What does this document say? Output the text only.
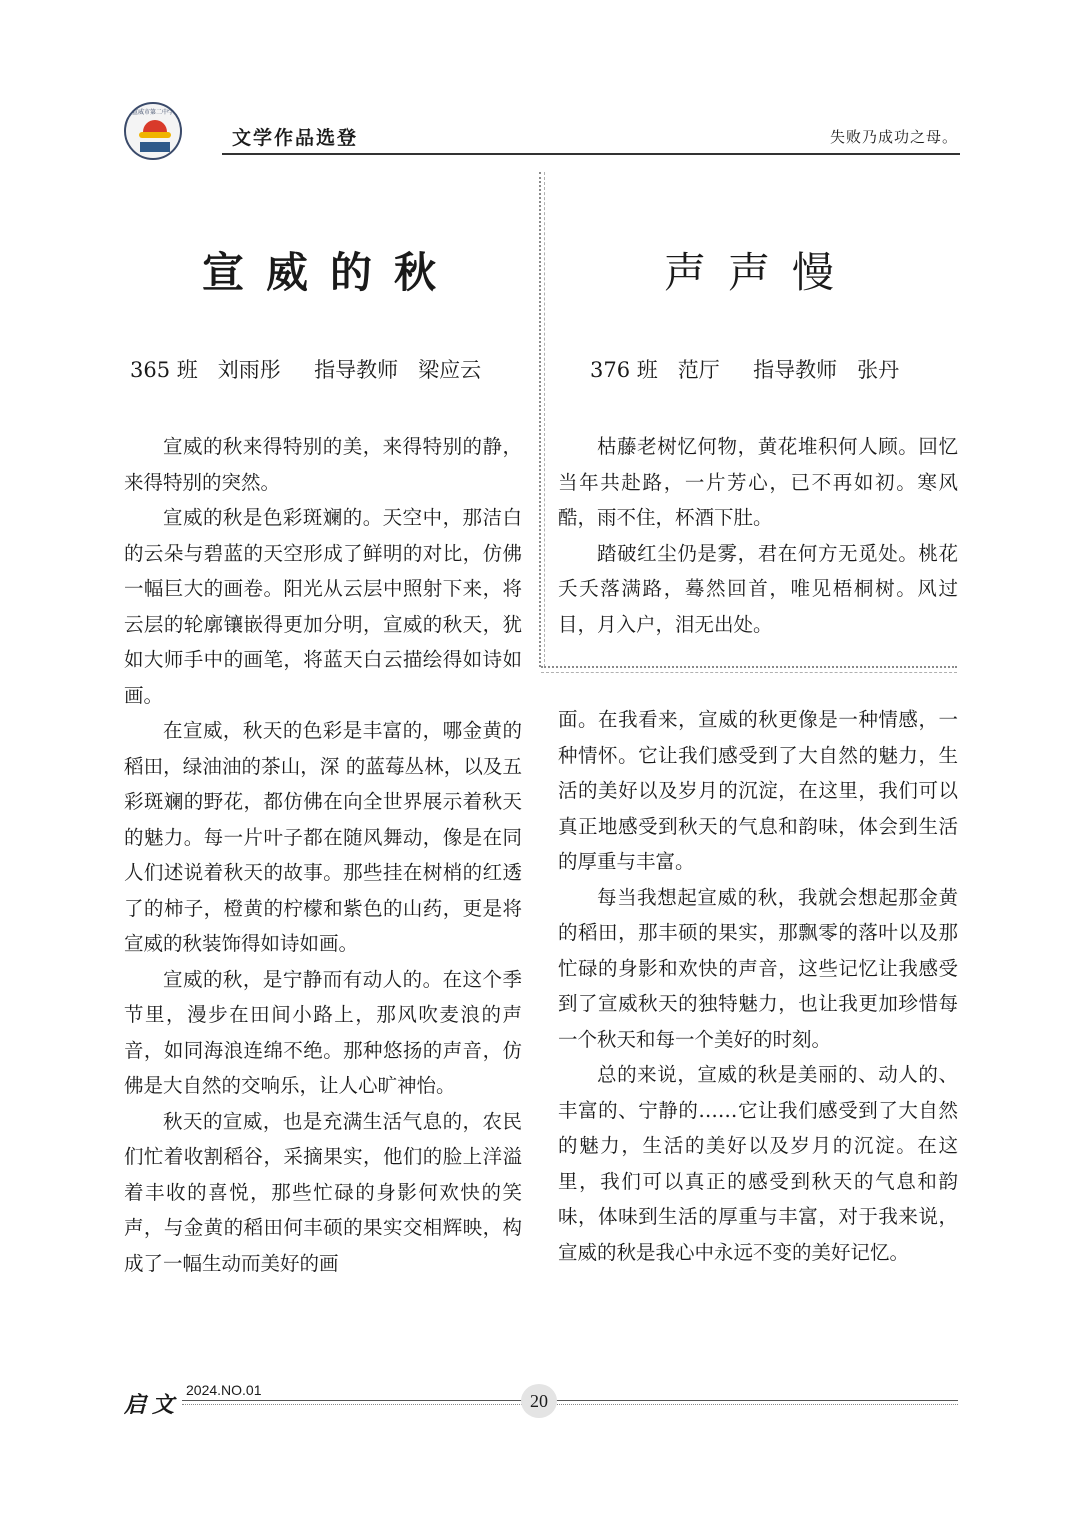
宣威市第二中学
文学作品选登	失败乃成功之母。
宣威的秋	声声慢
365 班   刘雨彤     指导教师   梁应云	376 班   范厅     指导教师   张丹

宣威的秋来得特别的美，来得特别的静，来得特别的突然。

宣威的秋是色彩斑斓的。天空中，那洁白的云朵与碧蓝的天空形成了鲜明的对比，仿佛一幅巨大的画卷。阳光从云层中照射下来，将云层的轮廓镶嵌得更加分明，宣威的秋天，犹如大师手中的画笔，将蓝天白云描绘得如诗如画。

在宣威，秋天的色彩是丰富的，哪金黄的稻田，绿油油的茶山，深 的蓝莓丛林，以及五彩斑斓的野花，都仿佛在向全世界展示着秋天的魅力。每一片叶子都在随风舞动，像是在同人们述说着秋天的故事。那些挂在树梢的红透了的柿子，橙黄的柠檬和紫色的山药，更是将宣威的秋装饰得如诗如画。

宣威的秋，是宁静而有动人的。在这个季节里，漫步在田间小路上，那风吹麦浪的声音，如同海浪连绵不绝。那种悠扬的声音，仿佛是大自然的交响乐，让人心旷神怡。

秋天的宣威，也是充满生活气息的，农民们忙着收割稻谷，采摘果实，他们的脸上洋溢着丰收的喜悦，那些忙碌的身影何欢快的笑声，与金黄的稻田何丰硕的果实交相辉映，构成了一幅生动而美好的画

枯藤老树忆何物，黄花堆积何人顾。回忆当年共赴路，一片芳心，已不再如初。寒风酷，雨不住，杯酒下肚。

踏破红尘仍是雾，君在何方无觅处。桃花夭夭落满路，蓦然回首，唯见梧桐树。风过目，月入户，泪无出处。

面。在我看来，宣威的秋更像是一种情感，一种情怀。它让我们感受到了大自然的魅力，生活的美好以及岁月的沉淀，在这里，我们可以真正地感受到秋天的气息和韵味，体会到生活的厚重与丰富。

每当我想起宣威的秋，我就会想起那金黄的稻田，那丰硕的果实，那飘零的落叶以及那忙碌的身影和欢快的声音，这些记忆让我感受到了宣威秋天的独特魅力，也让我更加珍惜每一个秋天和每一个美好的时刻。

总的来说，宣威的秋是美丽的、动人的、丰富的、宁静的……它让我们感受到了大自然的魅力，生活的美好以及岁月的沉淀。在这里，我们可以真正的感受到秋天的气息和韵味，体味到生活的厚重与丰富，对于我来说，宣威的秋是我心中永远不变的美好记忆。

启文
2024.NO.01
20
